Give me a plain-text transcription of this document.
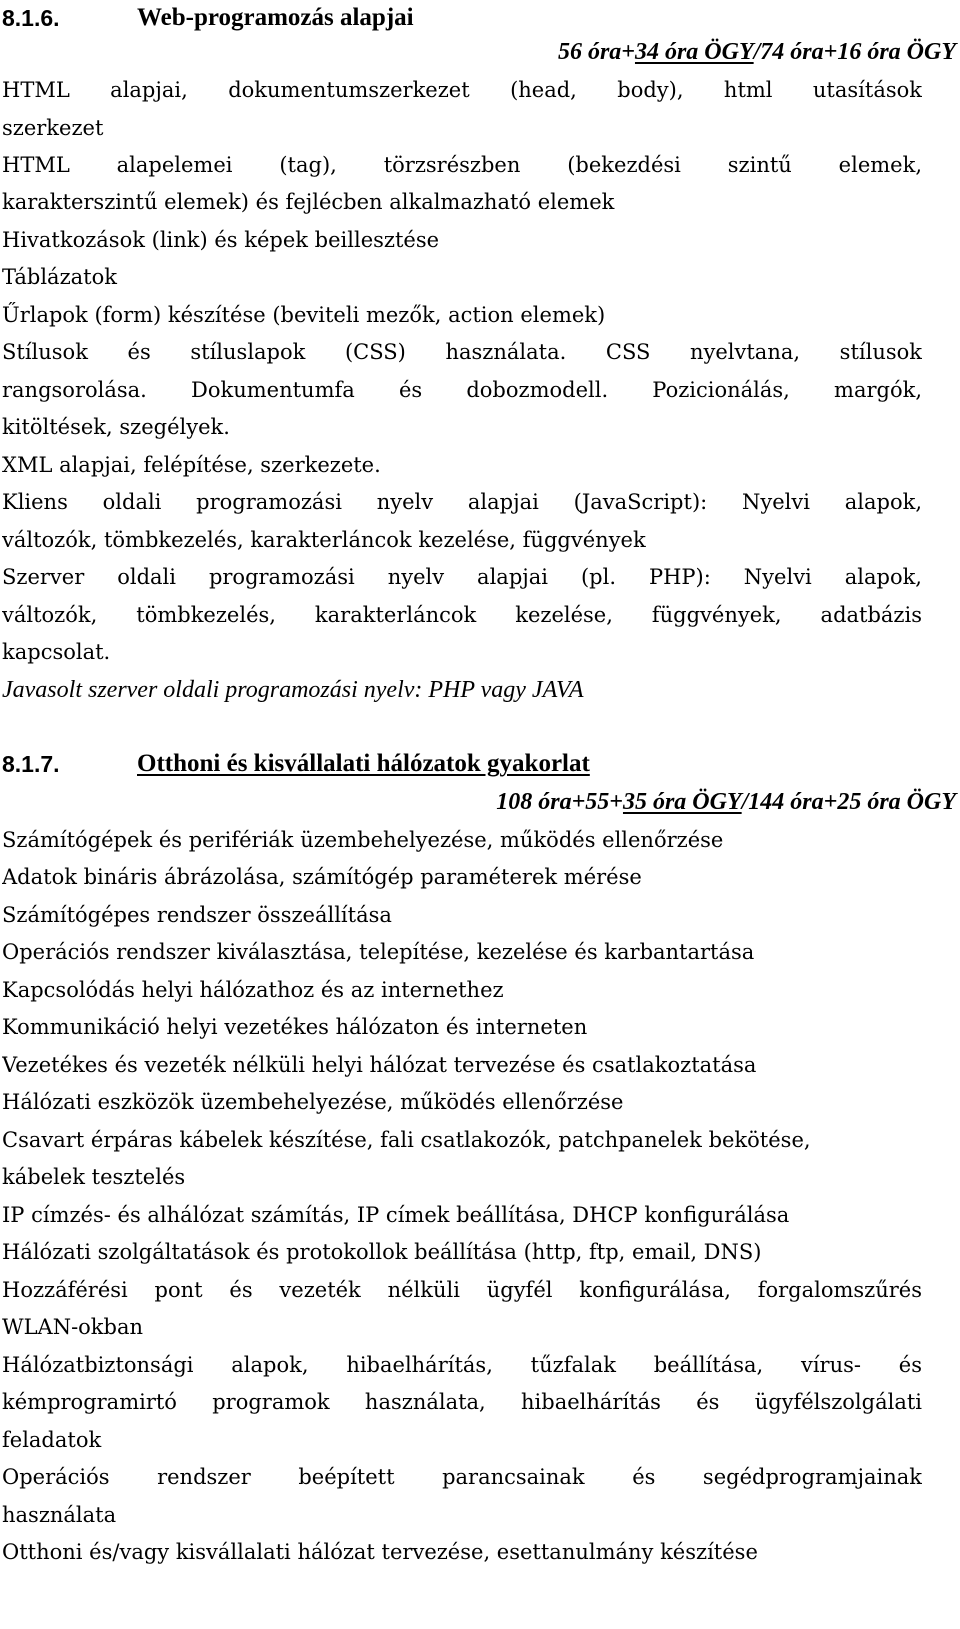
8.1.6.	Web-programozás alapjai
56 óra+34 óra ÖGY/74 óra+16 óra ÖGY
HTML alapjai, dokumentumszerkezet (head, body), html utasítások
szerkezet
HTML alapelemei (tag), törzsrészben (bekezdési szintű elemek,
karakterszintű elemek) és fejlécben alkalmazható elemek
Hivatkozások (link) és képek beillesztése
Táblázatok
Űrlapok (form) készítése (beviteli mezők, action elemek)
Stílusok és stíluslapok (CSS) használata. CSS nyelvtana, stílusok
rangsorolása. Dokumentumfa és dobozmodell. Pozicionálás, margók,
kitöltések, szegélyek.
XML alapjai, felépítése, szerkezete.
Kliens oldali programozási nyelv alapjai (JavaScript): Nyelvi alapok,
változók, tömbkezelés, karakterláncok kezelése, függvények
Szerver oldali programozási nyelv alapjai (pl. PHP): Nyelvi alapok,
változók, tömbkezelés, karakterláncok kezelése, függvények, adatbázis
kapcsolat.
Javasolt szerver oldali programozási nyelv: PHP vagy JAVA
8.1.7.	Otthoni és kisvállalati hálózatok gyakorlat
108 óra+55+35 óra ÖGY/144 óra+25 óra ÖGY
Számítógépek és perifériák üzembehelyezése, működés ellenőrzése
Adatok bináris ábrázolása, számítógép paraméterek mérése
Számítógépes rendszer összeállítása
Operációs rendszer kiválasztása, telepítése, kezelése és karbantartása
Kapcsolódás helyi hálózathoz és az internethez
Kommunikáció helyi vezetékes hálózaton és interneten
Vezetékes és vezeték nélküli helyi hálózat tervezése és csatlakoztatása
Hálózati eszközök üzembehelyezése, működés ellenőrzése
Csavart érpáras kábelek készítése, fali csatlakozók, patchpanelek bekötése,
kábelek tesztelés
IP címzés- és alhálózat számítás, IP címek beállítása, DHCP konfigurálása
Hálózati szolgáltatások és protokollok beállítása (http, ftp, email, DNS)
Hozzáférési pont és vezeték nélküli ügyfél konfigurálása, forgalomszűrés
WLAN-okban
Hálózatbiztonsági alapok, hibaelhárítás, tűzfalak beállítása, vírus- és
kémprogramirtó programok használata, hibaelhárítás és ügyfélszolgálati
feladatok
Operációs rendszer beépített parancsainak és segédprogramjainak
használata
Otthoni és/vagy kisvállalati hálózat tervezése, esettanulmány készítése
